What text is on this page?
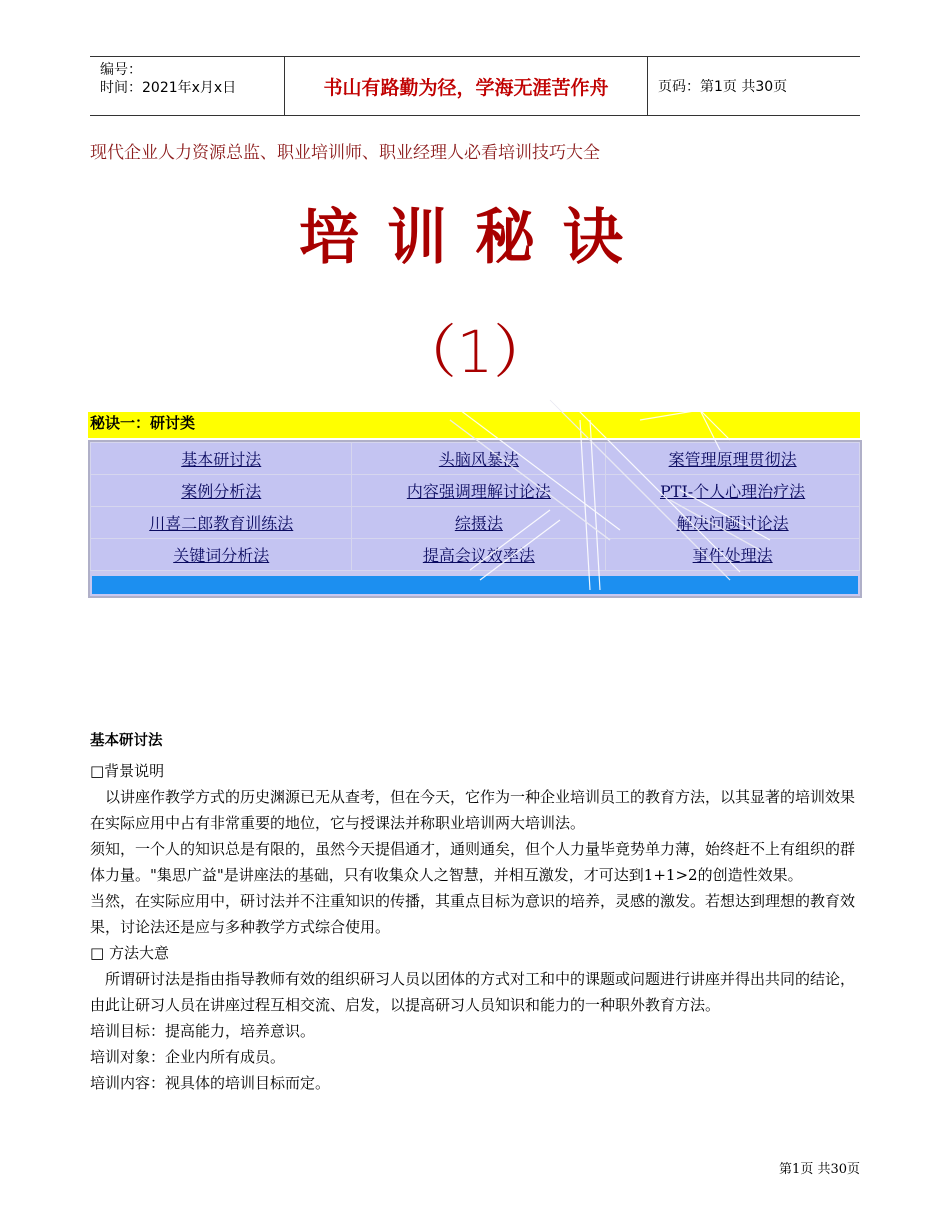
编号：
时间：2021年x月x日	书山有路勤为径，学海无涯苦作舟	页码：第1页 共30页
现代企业人力资源总监、职业培训师、职业经理人必看培训技巧大全
培训秘诀
（1）
秘诀一：研讨类
基本研讨法	头脑风暴法	案管理原理贯彻法
案例分析法	内容强调理解讨论法	PTI-个人心理治疗法
川喜二郎教育训练法	综摄法	解决问题讨论法
关键词分析法	提高会议效率法	事件处理法

基本研讨法

□背景说明

以讲座作教学方式的历史渊源已无从查考，但在今天，它作为一种企业培训员工的教育方法，以其显著的培训效果在实际应用中占有非常重要的地位，它与授课法并称职业培训两大培训法。

须知，一个人的知识总是有限的，虽然今天提倡通才，通则通矣，但个人力量毕竟势单力薄，始终赶不上有组织的群体力量。"集思广益"是讲座法的基础，只有收集众人之智慧，并相互激发，才可达到1+1>2的创造性效果。

当然，在实际应用中，研讨法并不注重知识的传播，其重点目标为意识的培养，灵感的激发。若想达到理想的教育效果，讨论法还是应与多种教学方式综合使用。

□ 方法大意

所谓研讨法是指由指导教师有效的组织研习人员以团体的方式对工和中的课题或问题进行讲座并得出共同的结论，由此让研习人员在讲座过程互相交流、启发，以提高研习人员知识和能力的一种职外教育方法。

培训目标：提高能力，培养意识。

培训对象：企业内所有成员。

培训内容：视具体的培训目标而定。

第1页 共30页
